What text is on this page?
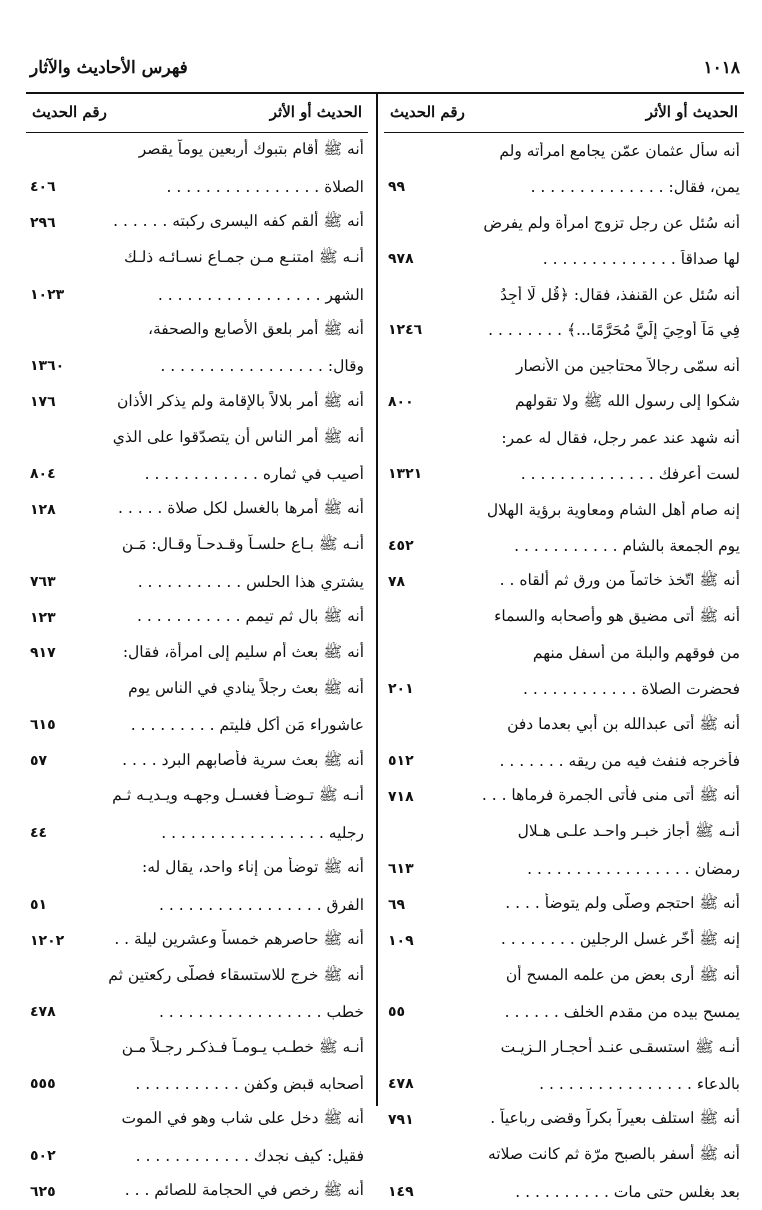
١٠١٨
فهرس الأحاديث والآثار
الحديث أو الأثر
رقم الحديث
أنه سأل عثمان عمّن يجامع امرأته ولم
يمن، فقال: . . . . . . . . . . . . . .
٩٩
أنه سُئل عن رجل تزوج امرأة ولم يفرض
لها صداقاً . . . . . . . . . . . . . .
٩٧٨
أنه سُئل عن القنفذ، فقال: ﴿قُل لَّا أَجِدُ
فِي مَآ أُوحِيَ إِلَيَّ مُحَرَّمًا...﴾ . . . . . . . .
١٢٤٦
أنه سمّى رجالاً محتاجين من الأنصار
شكوا إلى رسول الله ﷺ ولا تقولهم
٨٠٠
أنه شهد عند عمر رجل، فقال له عمر:
لست أعرفك . . . . . . . . . . . . . .
١٣٢١
إنه صام أهل الشام ومعاوية برؤية الهلال
يوم الجمعة بالشام . . . . . . . . . . .
٤٥٢
أنه ﷺ اتّخذ خاتماً من ورق ثم ألقاه . .
٧٨
أنه ﷺ أتى مضيق هو وأصحابه والسماء
من فوقهم والبلة من أسفل منهم
فحضرت الصلاة . . . . . . . . . . . .
٢٠١
أنه ﷺ أتى عبدالله بن أبي بعدما دفن
فأخرجه فنفث فيه من ريقه . . . . . . .
٥١٢
أنه ﷺ أتى منى فأتى الجمرة فرماها . . .
٧١٨
أنـه ﷺ أجاز خبـر واحـد علـى هـلال
رمضان . . . . . . . . . . . . . . . . .
٦١٣
أنه ﷺ احتجم وصلّى ولم يتوضأ . . . .
٦٩
إنه ﷺ أخّر غسل الرجلين . . . . . . . .
١٠٩
أنه ﷺ أرى بعض من علمه المسح أن
يمسح بيده من مقدم الخلف . . . . . .
٥٥
أنـه ﷺ استسقـى عنـد أحجـار الـزيـت
بالدعاء . . . . . . . . . . . . . . . .
٤٧٨
أنه ﷺ استلف بعيراً بكراً وقضى رباعياً .
٧٩١
أنه ﷺ أسفر بالصبح مرّة ثم كانت صلاته
بعد بغلس حتى مات . . . . . . . . . .
١٤٩
الحديث أو الأثر
رقم الحديث
أنه ﷺ أقام بتبوك أربعين يوماً يقصر
الصلاة . . . . . . . . . . . . . . . .
٤٠٦
أنه ﷺ ألقم كفه اليسرى ركبته . . . . . .
٢٩٦
أنـه ﷺ امتنـع مـن جمـاع نسـائـه ذلـك
الشهر . . . . . . . . . . . . . . . . .
١٠٢٣
أنه ﷺ أمر بلعق الأصابع والصحفة،
وقال: . . . . . . . . . . . . . . . . .
١٣٦٠
أنه ﷺ أمر بلالاً بالإقامة ولم يذكر الأذان
١٧٦
أنه ﷺ أمر الناس أن يتصدّقوا على الذي
أصيب في ثماره . . . . . . . . . . . .
٨٠٤
أنه ﷺ أمرها بالغسل لكل صلاة . . . . .
١٢٨
أنـه ﷺ بـاع حلسـاً وقـدحـاً وقـال: مَـن
يشتري هذا الحلس . . . . . . . . . . .
٧٦٣
أنه ﷺ بال ثم تيمم . . . . . . . . . . .
١٢٣
أنه ﷺ بعث أم سليم إلى امرأة، فقال:
٩١٧
أنه ﷺ بعث رجلاً ينادي في الناس يوم
عاشوراء مَن أكل فليتم . . . . . . . . .
٦١٥
أنه ﷺ بعث سرية فأصابهم البرد . . . .
٥٧
أنـه ﷺ تـوضـأ فغسـل وجهـه ويـديـه ثـم
رجليه . . . . . . . . . . . . . . . . .
٤٤
أنه ﷺ توضأ من إناء واحد، يقال له:
الفرق . . . . . . . . . . . . . . . . .
٥١
أنه ﷺ حاصرهم خمساً وعشرين ليلة . .
١٢٠٢
أنه ﷺ خرج للاستسقاء فصلّى ركعتين ثم
خطب . . . . . . . . . . . . . . . . .
٤٧٨
أنـه ﷺ خطـب يـومـاً فـذكـر رجـلاً مـن
أصحابه قبض وكفن . . . . . . . . . . .
٥٥٥
أنه ﷺ دخل على شاب وهو في الموت
فقيل: كيف نجدك . . . . . . . . . . . .
٥٠٢
أنه ﷺ رخص في الحجامة للصائم . . .
٦٢٥
